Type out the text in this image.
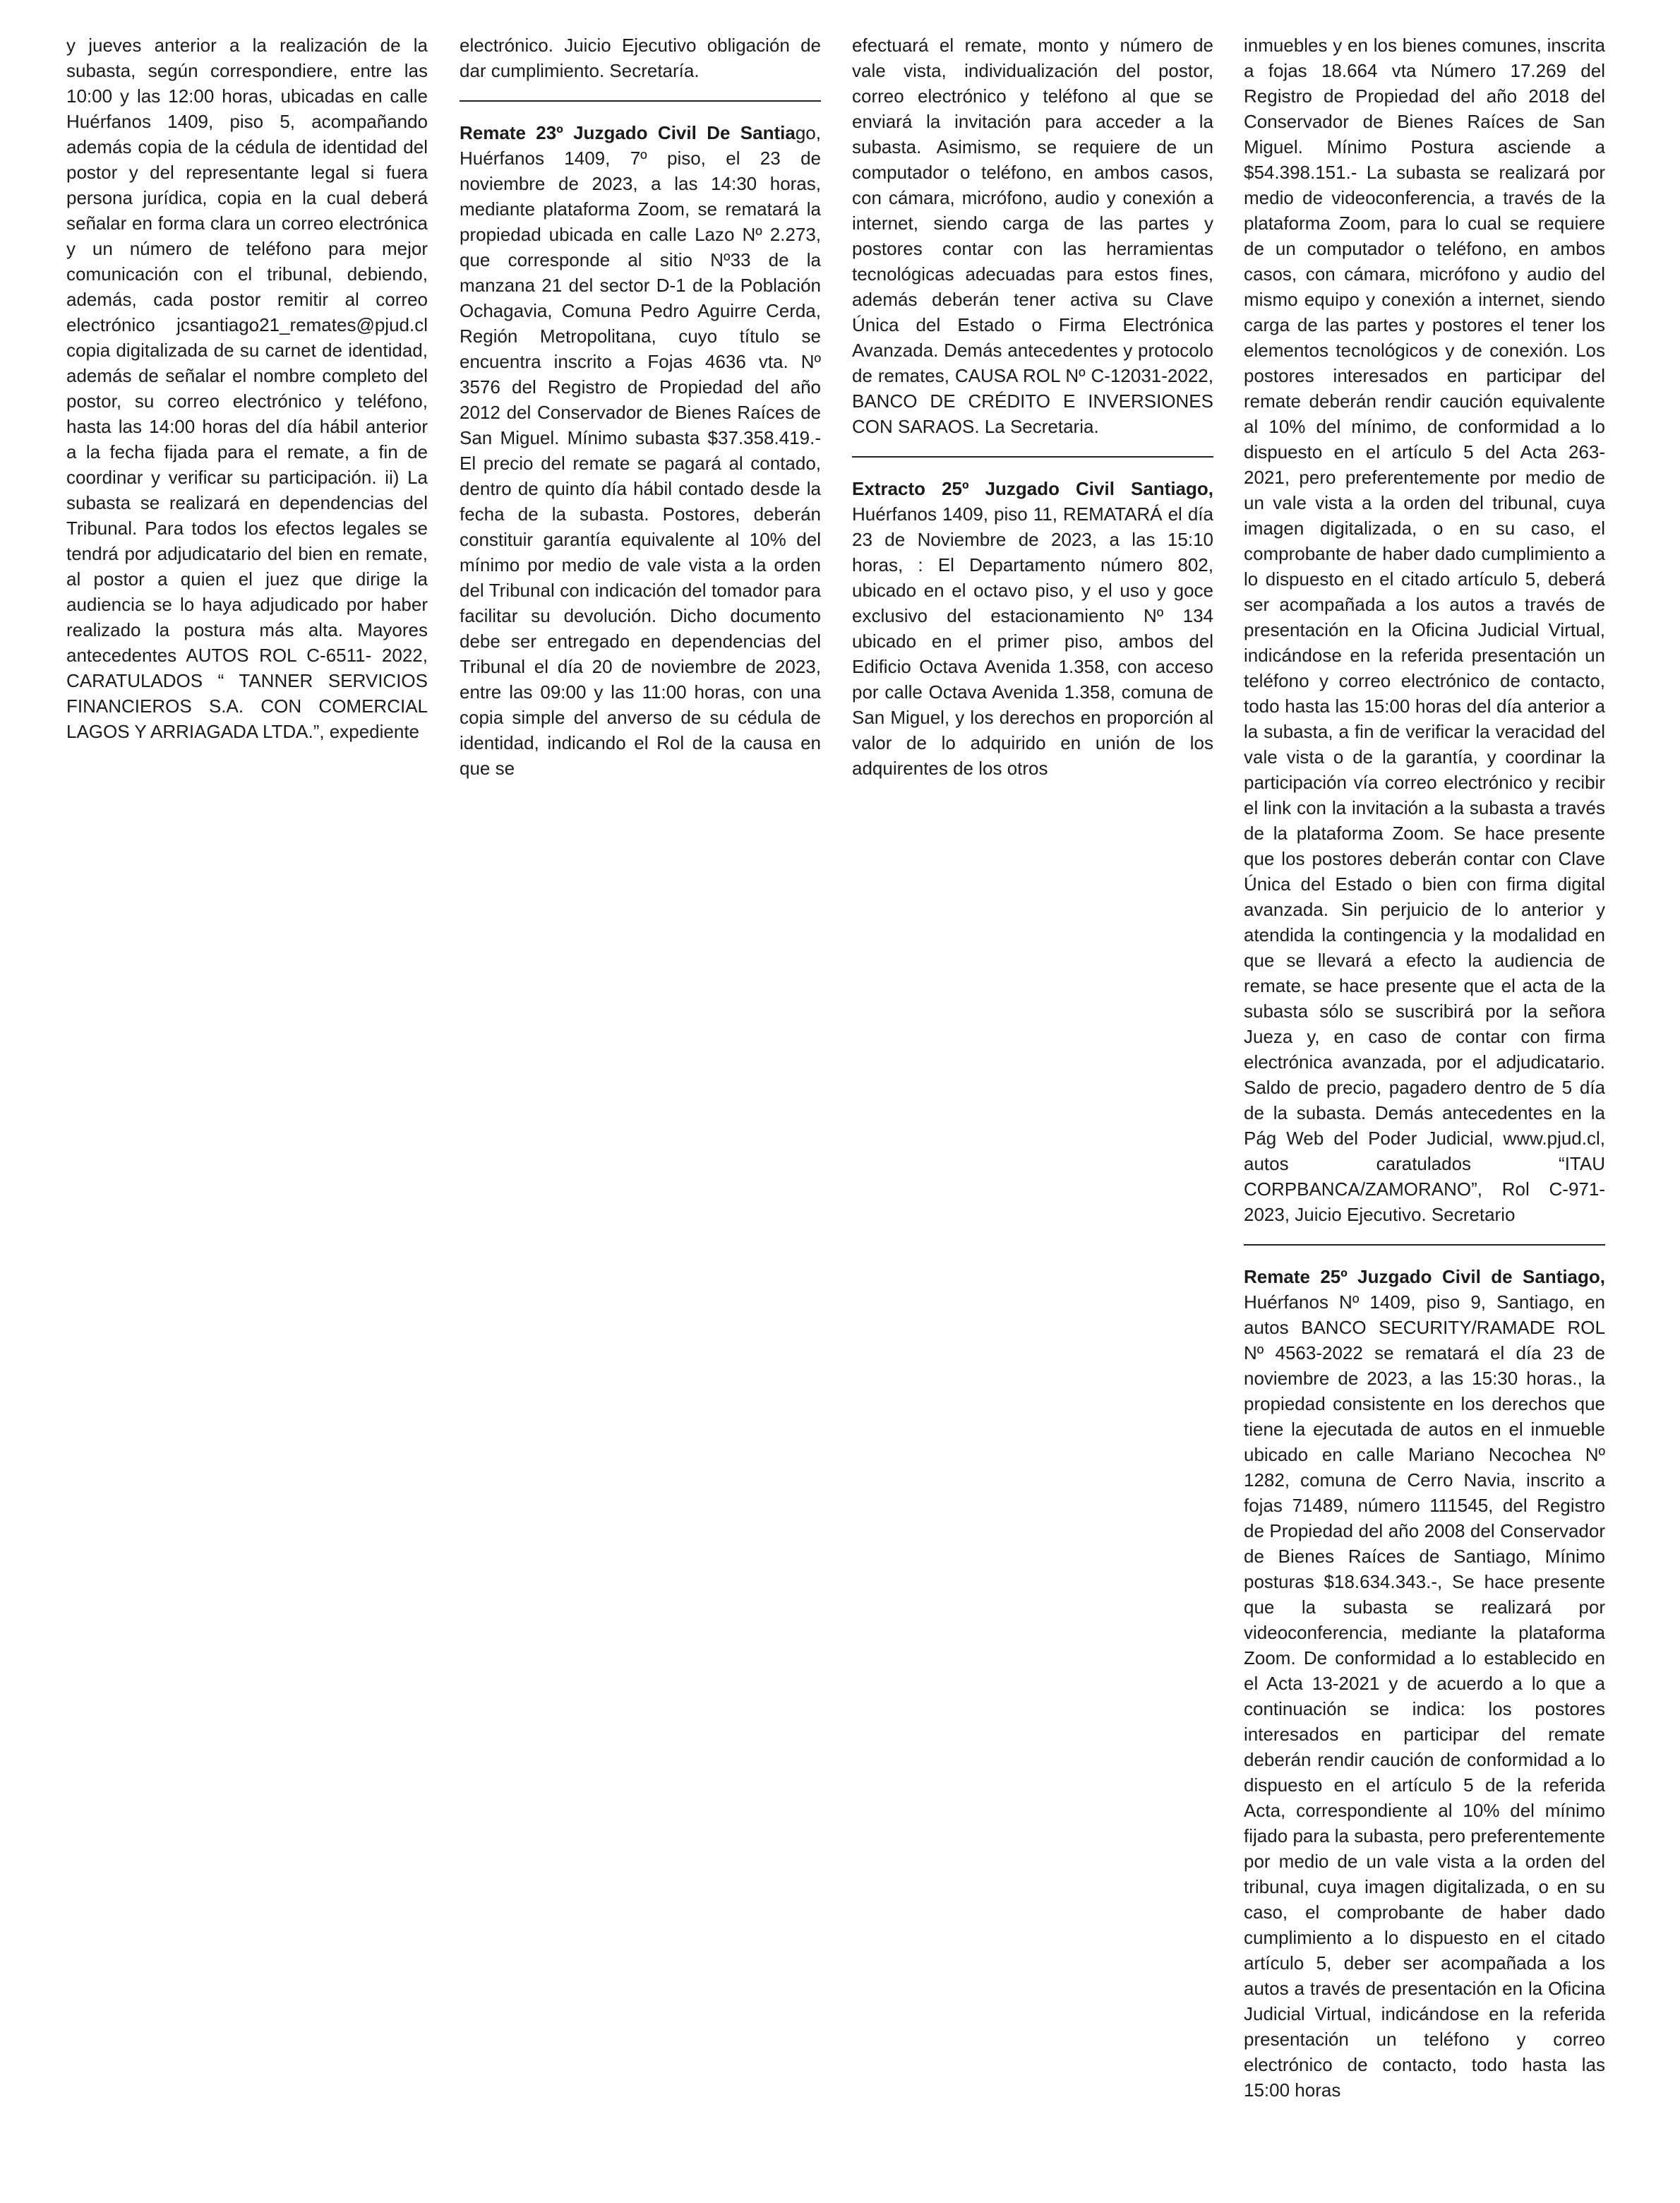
y jueves anterior a la realización de la subasta, según correspondiere, entre las 10:00 y las 12:00 horas, ubicadas en calle Huérfanos 1409, piso 5, acompañando además copia de la cédula de identidad del postor y del representante legal si fuera persona jurídica, copia en la cual deberá señalar en forma clara un correo electrónica y un número de teléfono para mejor comunicación con el tribunal, debiendo, además, cada postor remitir al correo electrónico jcsantiago21_remates@pjud.cl copia digitalizada de su carnet de identidad, además de señalar el nombre completo del postor, su correo electrónico y teléfono, hasta las 14:00 horas del día hábil anterior a la fecha fijada para el remate, a fin de coordinar y verificar su participación. ii) La subasta se realizará en dependencias del Tribunal. Para todos los efectos legales se tendrá por adjudicatario del bien en remate, al postor a quien el juez que dirige la audiencia se lo haya adjudicado por haber realizado la postura más alta. Mayores antecedentes AUTOS ROL C-6511- 2022, CARATULADOS “ TANNER SERVICIOS FINANCIEROS S.A. CON COMERCIAL LAGOS Y ARRIAGADA LTDA.”, expediente

electrónico. Juicio Ejecutivo obligación de dar cumplimiento. Secretaría.

Remate 23º Juzgado Civil De Santiago, Huérfanos 1409, 7º piso, el 23 de noviembre de 2023, a las 14:30 horas, mediante plataforma Zoom, se rematará la propiedad ubicada en calle Lazo Nº 2.273, que corresponde al sitio Nº33 de la manzana 21 del sector D-1 de la Población Ochagavia, Comuna Pedro Aguirre Cerda, Región Metropolitana, cuyo título se encuentra inscrito a Fojas 4636 vta. Nº 3576 del Registro de Propiedad del año 2012 del Conservador de Bienes Raíces de San Miguel. Mínimo subasta $37.358.419.- El precio del remate se pagará al contado, dentro de quinto día hábil contado desde la fecha de la subasta. Postores, deberán constituir garantía equivalente al 10% del mínimo por medio de vale vista a la orden del Tribunal con indicación del tomador para facilitar su devolución. Dicho documento debe ser entregado en dependencias del Tribunal el día 20 de noviembre de 2023, entre las 09:00 y las 11:00 horas, con una copia simple del anverso de su cédula de identidad, indicando el Rol de la causa en que se

efectuará el remate, monto y número de vale vista, individualización del postor, correo electrónico y teléfono al que se enviará la invitación para acceder a la subasta. Asimismo, se requiere de un computador o teléfono, en ambos casos, con cámara, micrófono, audio y conexión a internet, siendo carga de las partes y postores contar con las herramientas tecnológicas adecuadas para estos fines, además deberán tener activa su Clave Única del Estado o Firma Electrónica Avanzada. Demás antecedentes y protocolo de remates, CAUSA ROL Nº C-12031-2022, BANCO DE CRÉDITO E INVERSIONES CON SARAOS. La Secretaria.

Extracto 25º Juzgado Civil Santiago, Huérfanos 1409, piso 11, REMATARÁ el día 23 de Noviembre de 2023, a las 15:10 horas, : El Departamento número 802, ubicado en el octavo piso, y el uso y goce exclusivo del estacionamiento Nº 134 ubicado en el primer piso, ambos del Edificio Octava Avenida 1.358, con acceso por calle Octava Avenida 1.358, comuna de San Miguel, y los derechos en proporción al valor de lo adquirido en unión de los adquirentes de los otros

inmuebles y en los bienes comunes, inscrita a fojas 18.664 vta Número 17.269 del Registro de Propiedad del año 2018 del Conservador de Bienes Raíces de San Miguel. Mínimo Postura asciende a $54.398.151.- La subasta se realizará por medio de videoconferencia, a través de la plataforma Zoom, para lo cual se requiere de un computador o teléfono, en ambos casos, con cámara, micrófono y audio del mismo equipo y conexión a internet, siendo carga de las partes y postores el tener los elementos tecnológicos y de conexión. Los postores interesados en participar del remate deberán rendir caución equivalente al 10% del mínimo, de conformidad a lo dispuesto en el artículo 5 del Acta 263-2021, pero preferentemente por medio de un vale vista a la orden del tribunal, cuya imagen digitalizada, o en su caso, el comprobante de haber dado cumplimiento a lo dispuesto en el citado artículo 5, deberá ser acompañada a los autos a través de presentación en la Oficina Judicial Virtual, indicándose en la referida presentación un teléfono y correo electrónico de contacto, todo hasta las 15:00 horas del día anterior a la subasta, a fin de verificar la veracidad del vale vista o de la garantía, y coordinar la participación vía correo electrónico y recibir el link con la invitación a la subasta a través de la plataforma Zoom. Se hace presente que los postores deberán contar con Clave Única del Estado o bien con firma digital avanzada. Sin perjuicio de lo anterior y atendida la contingencia y la modalidad en que se llevará a efecto la audiencia de remate, se hace presente que el acta de la subasta sólo se suscribirá por la señora Jueza y, en caso de contar con firma electrónica avanzada, por el adjudicatario. Saldo de precio, pagadero dentro de 5 día de la subasta. Demás antecedentes en la Pág Web del Poder Judicial, www.pjud.cl, autos caratulados “ITAU CORPBANCA/ZAMORANO”, Rol C-971-2023, Juicio Ejecutivo. Secretario

Remate 25º Juzgado Civil de Santiago, Huérfanos Nº 1409, piso 9, Santiago, en autos BANCO SECURITY/RAMADE ROL Nº 4563-2022 se rematará el día 23 de noviembre de 2023, a las 15:30 horas., la propiedad consistente en los derechos que tiene la ejecutada de autos en el inmueble ubicado en calle Mariano Necochea Nº 1282, comuna de Cerro Navia, inscrito a fojas 71489, número 111545, del Registro de Propiedad del año 2008 del Conservador de Bienes Raíces de Santiago, Mínimo posturas $18.634.343.-, Se hace presente que la subasta se realizará por videoconferencia, mediante la plataforma Zoom. De conformidad a lo establecido en el Acta 13-2021 y de acuerdo a lo que a continuación se indica: los postores interesados en participar del remate deberán rendir caución de conformidad a lo dispuesto en el artículo 5 de la referida Acta, correspondiente al 10% del mínimo fijado para la subasta, pero preferentemente por medio de un vale vista a la orden del tribunal, cuya imagen digitalizada, o en su caso, el comprobante de haber dado cumplimiento a lo dispuesto en el citado artículo 5, deber ser acompañada a los autos a través de presentación en la Oficina Judicial Virtual, indicándose en la referida presentación un teléfono y correo electrónico de contacto, todo hasta las 15:00 horas
